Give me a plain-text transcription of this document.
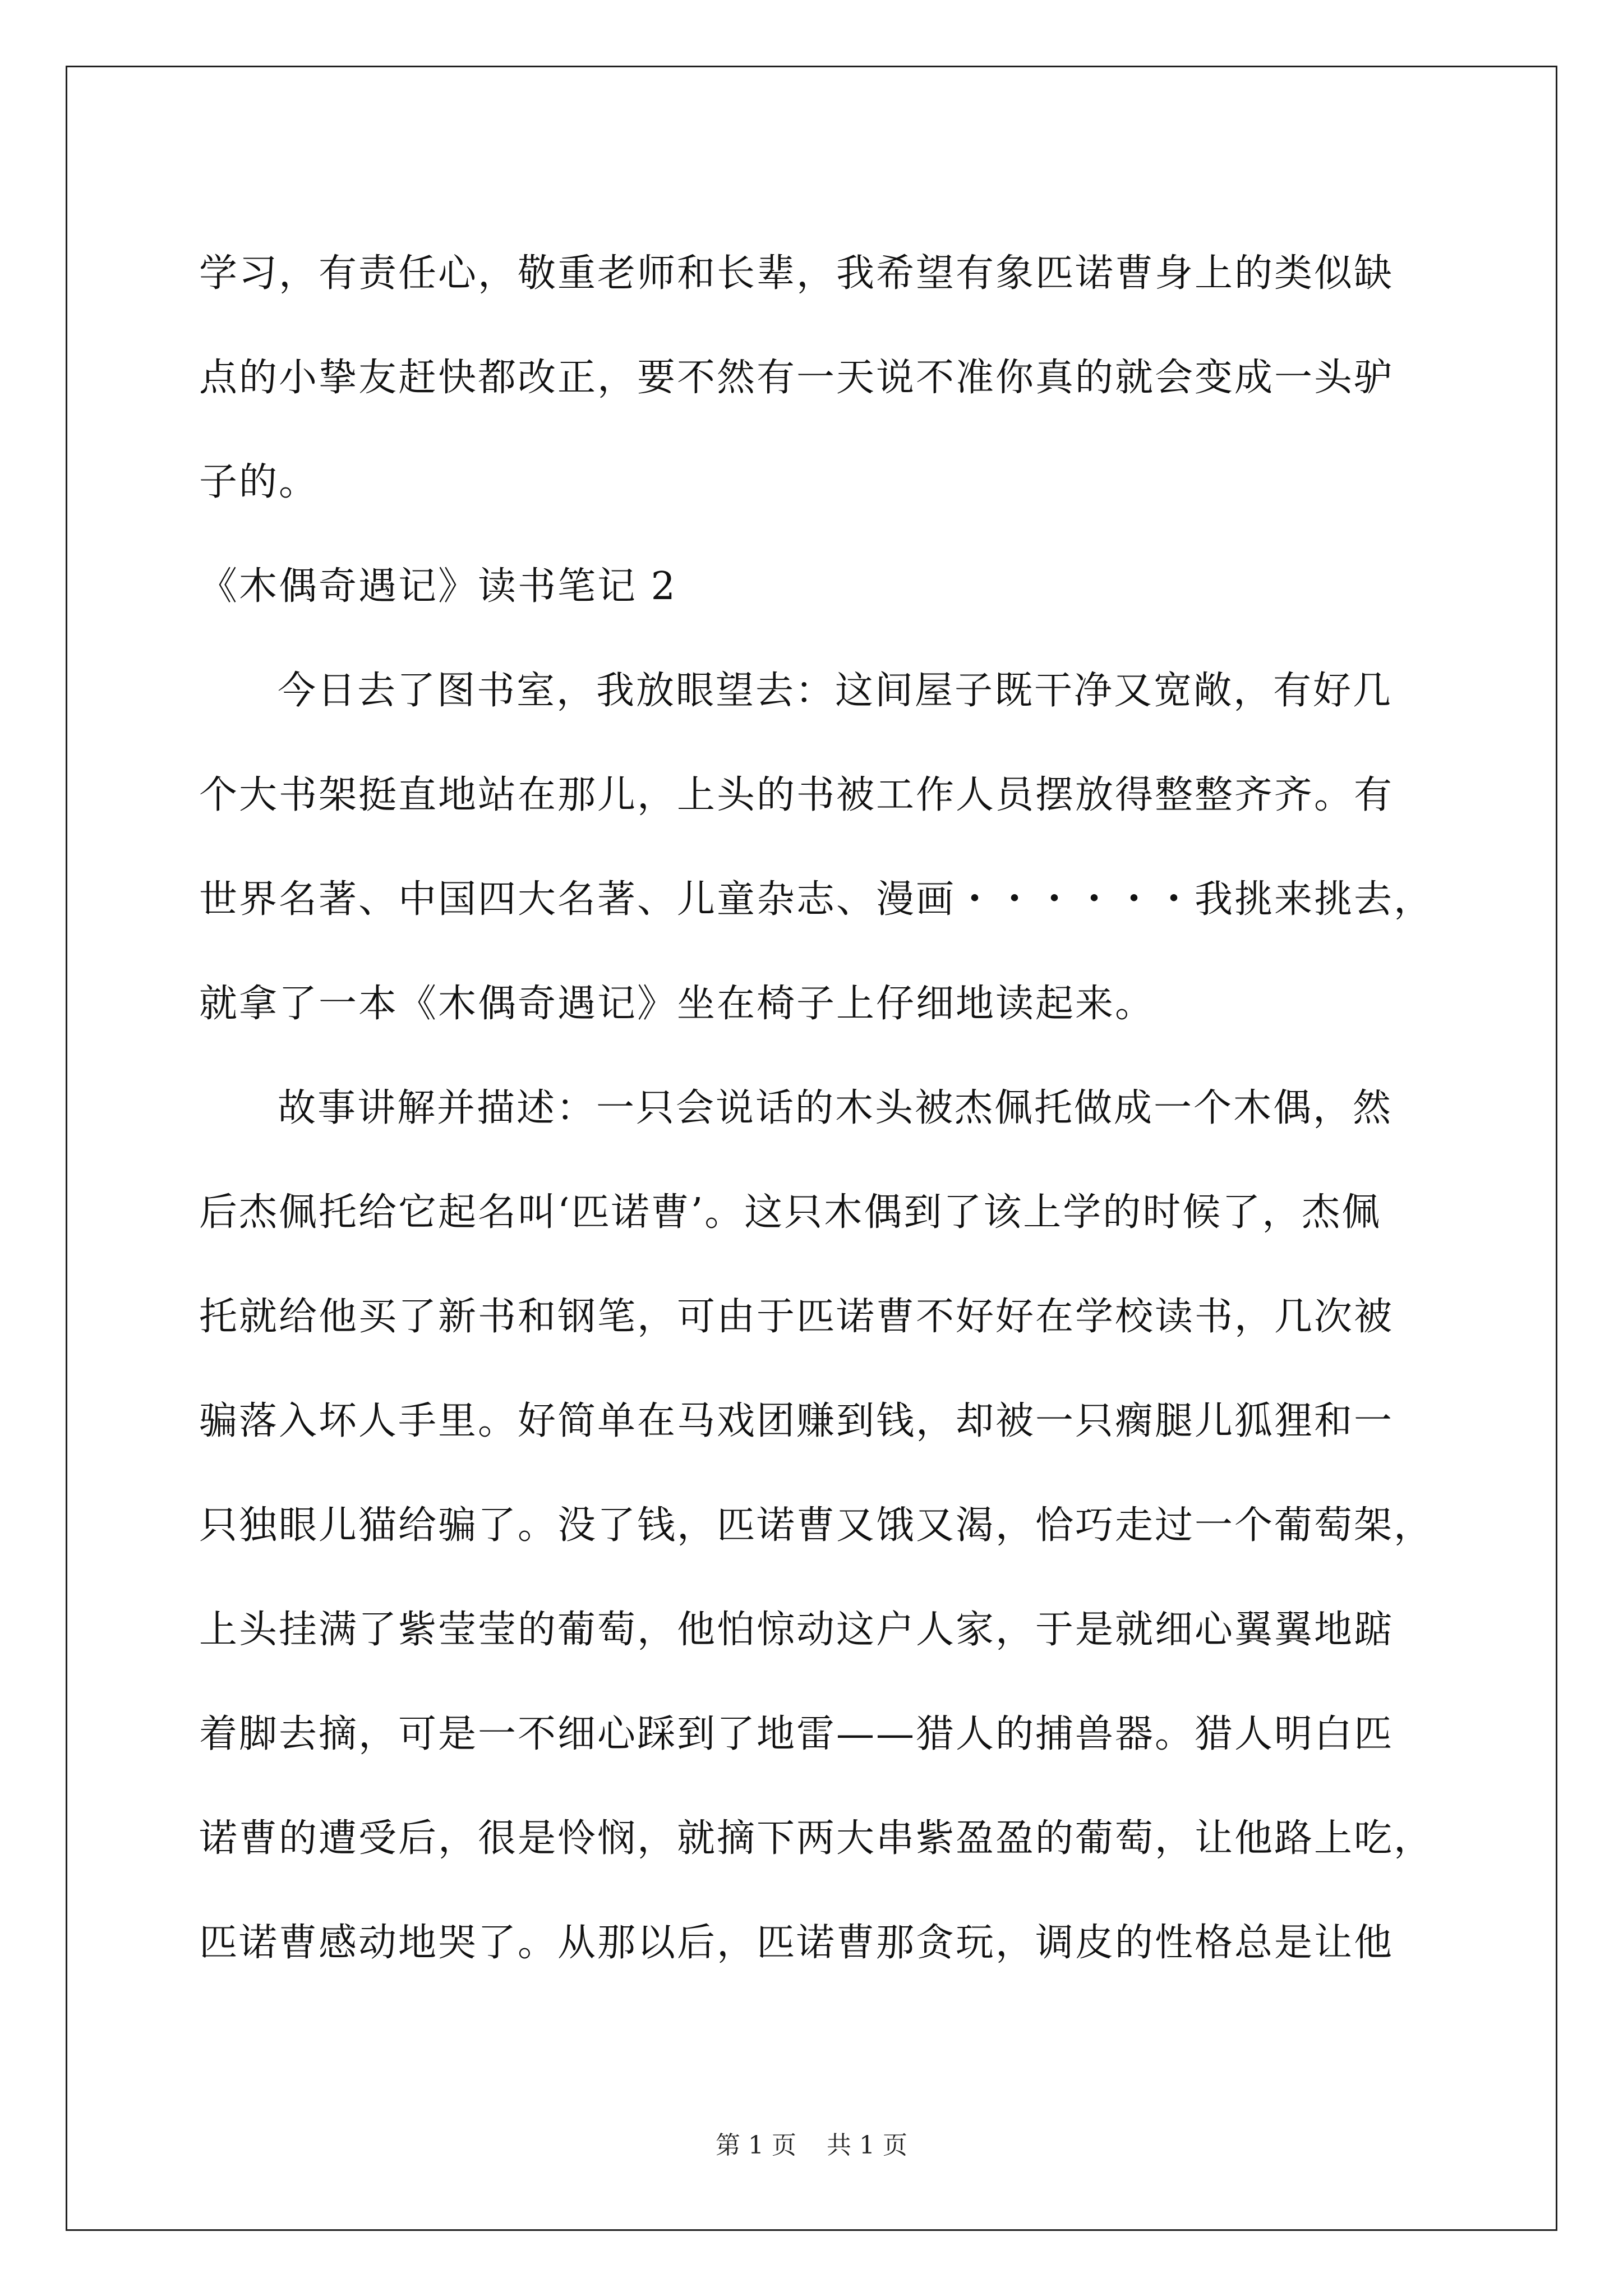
学习，有责任心，敬重老师和长辈，我希望有象匹诺曹身上的类似缺
点的小挚友赶快都改正，要不然有一天说不准你真的就会变成一头驴
子的。

《木偶奇遇记》读书笔记 2

今日去了图书室，我放眼望去：这间屋子既干净又宽敞，有好几
个大书架挺直地站在那儿，上头的书被工作人员摆放得整整齐齐。有
世界名著、中国四大名著、儿童杂志、漫画・・・・・・我挑来挑去，
就拿了一本《木偶奇遇记》坐在椅子上仔细地读起来。

故事讲解并描述：一只会说话的木头被杰佩托做成一个木偶，然
后杰佩托给它起名叫‘匹诺曹’。这只木偶到了该上学的时候了，杰佩
托就给他买了新书和钢笔，可由于匹诺曹不好好在学校读书，几次被
骗落入坏人手里。好简单在马戏团赚到钱，却被一只瘸腿儿狐狸和一
只独眼儿猫给骗了。没了钱，匹诺曹又饿又渴，恰巧走过一个葡萄架，
上头挂满了紫莹莹的葡萄，他怕惊动这户人家，于是就细心翼翼地踮
着脚去摘，可是一不细心踩到了地雷——猎人的捕兽器。猎人明白匹
诺曹的遭受后，很是怜悯，就摘下两大串紫盈盈的葡萄，让他路上吃，
匹诺曹感动地哭了。从那以后，匹诺曹那贪玩，调皮的性格总是让他

第 1 页 共 1 页
